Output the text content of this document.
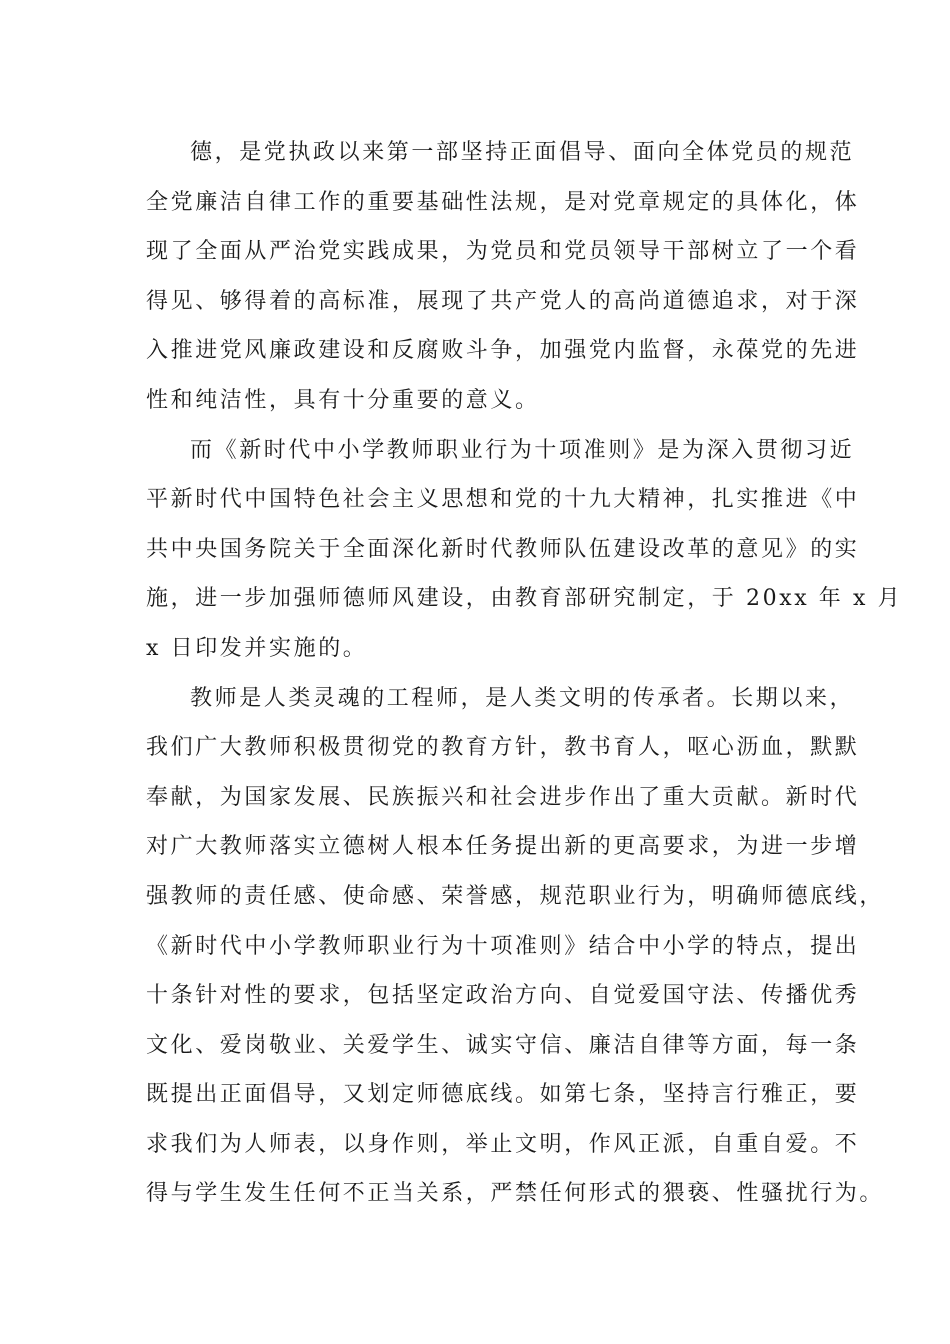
德，是党执政以来第一部坚持正面倡导、面向全体党员的规范
全党廉洁自律工作的重要基础性法规，是对党章规定的具体化，体
现了全面从严治党实践成果，为党员和党员领导干部树立了一个看
得见、够得着的高标准，展现了共产党人的高尚道德追求，对于深
入推进党风廉政建设和反腐败斗争，加强党内监督，永葆党的先进
性和纯洁性，具有十分重要的意义。
而《新时代中小学教师职业行为十项准则》是为深入贯彻习近
平新时代中国特色社会主义思想和党的十九大精神，扎实推进《中
共中央国务院关于全面深化新时代教师队伍建设改革的意见》的实
施，进一步加强师德师风建设，由教育部研究制定，于 20xx 年 x 月
x 日印发并实施的。
教师是人类灵魂的工程师，是人类文明的传承者。长期以来，
我们广大教师积极贯彻党的教育方针，教书育人，呕心沥血，默默
奉献，为国家发展、民族振兴和社会进步作出了重大贡献。新时代
对广大教师落实立德树人根本任务提出新的更高要求，为进一步增
强教师的责任感、使命感、荣誉感，规范职业行为，明确师德底线，
《新时代中小学教师职业行为十项准则》结合中小学的特点，提出
十条针对性的要求，包括坚定政治方向、自觉爱国守法、传播优秀
文化、爱岗敬业、关爱学生、诚实守信、廉洁自律等方面，每一条
既提出正面倡导，又划定师德底线。如第七条，坚持言行雅正，要
求我们为人师表，以身作则，举止文明，作风正派，自重自爱。不
得与学生发生任何不正当关系，严禁任何形式的猥亵、性骚扰行为。
